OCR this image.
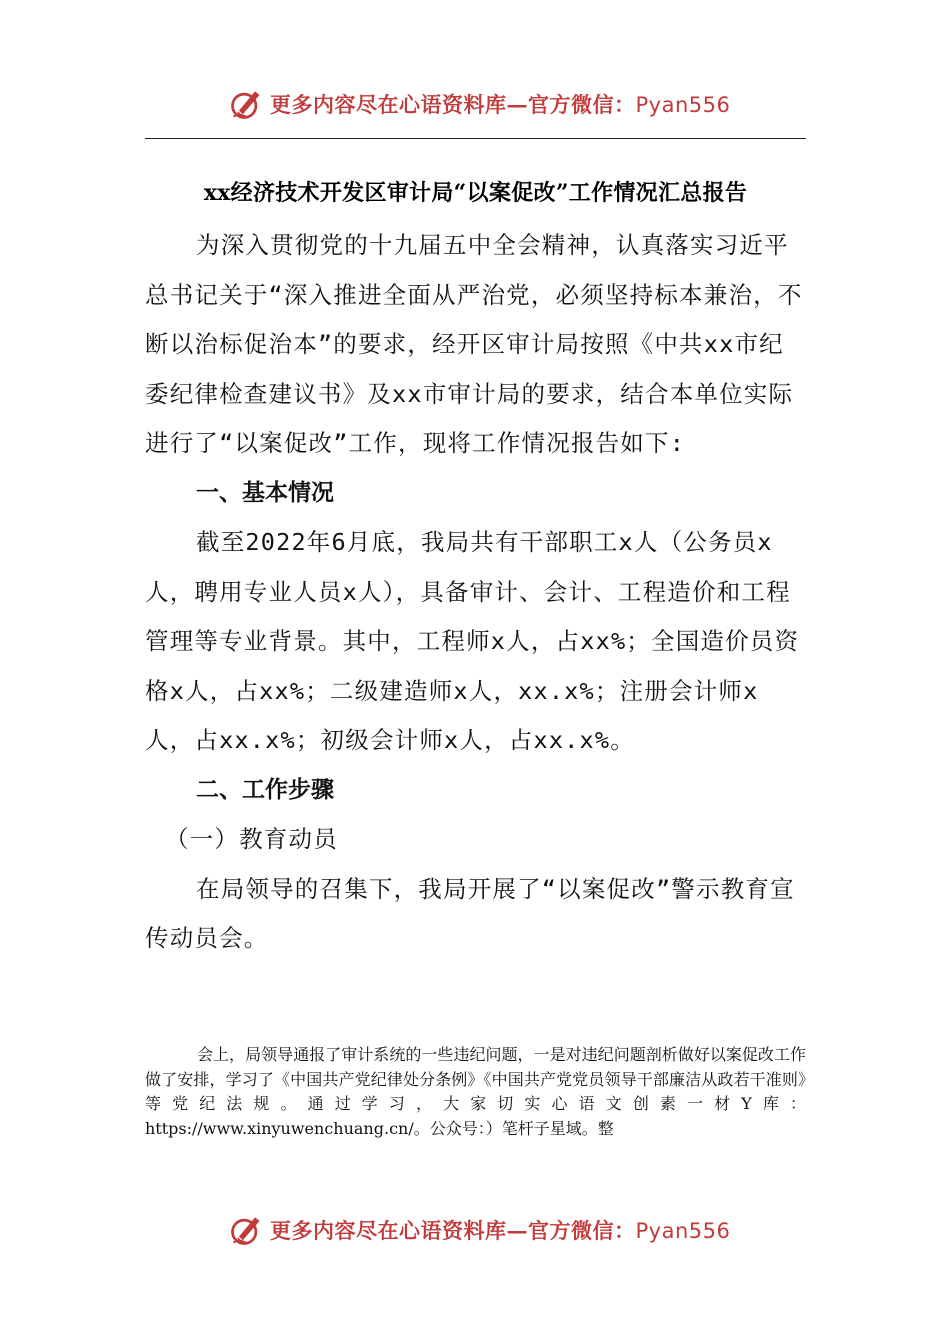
更多内容尽在心语资料库—官方微信：Pyan556
xx经济技术开发区审计局“以案促改”工作情况汇总报告

为深入贯彻党的十九届五中全会精神，认真落实习近平总书记关于“深入推进全面从严治党，必须坚持标本兼治，不断以治标促治本”的要求，经开区审计局按照《中共xx市纪委纪律检查建议书》及xx市审计局的要求，结合本单位实际进行了“以案促改”工作，现将工作情况报告如下:

一、基本情况

截至2022年6月底，我局共有干部职工x人（公务员x人，聘用专业人员x人），具备审计、会计、工程造价和工程管理等专业背景。其中，工程师x人，占xx%；全国造价员资格x人，占xx%；二级建造师x人，xx.x%；注册会计师x人，占xx.x%；初级会计师x人，占xx.x%。

二、工作步骤

（一）教育动员

在局领导的召集下，我局开展了“以案促改”警示教育宣传动员会。

会上，局领导通报了审计系统的一些违纪问题，一是对违纪问题剖析做好以案促改工作做了安排，学习了《中国共产党纪律处分条例》《中国共产党党员领导干部廉洁从政若干准则》等党纪法规。通过学习，大家切实心语文创素一材Y库：https://www.xinyuwenchuang.cn/。公众号：）笔杆子星域。整

更多内容尽在心语资料库—官方微信：Pyan556
